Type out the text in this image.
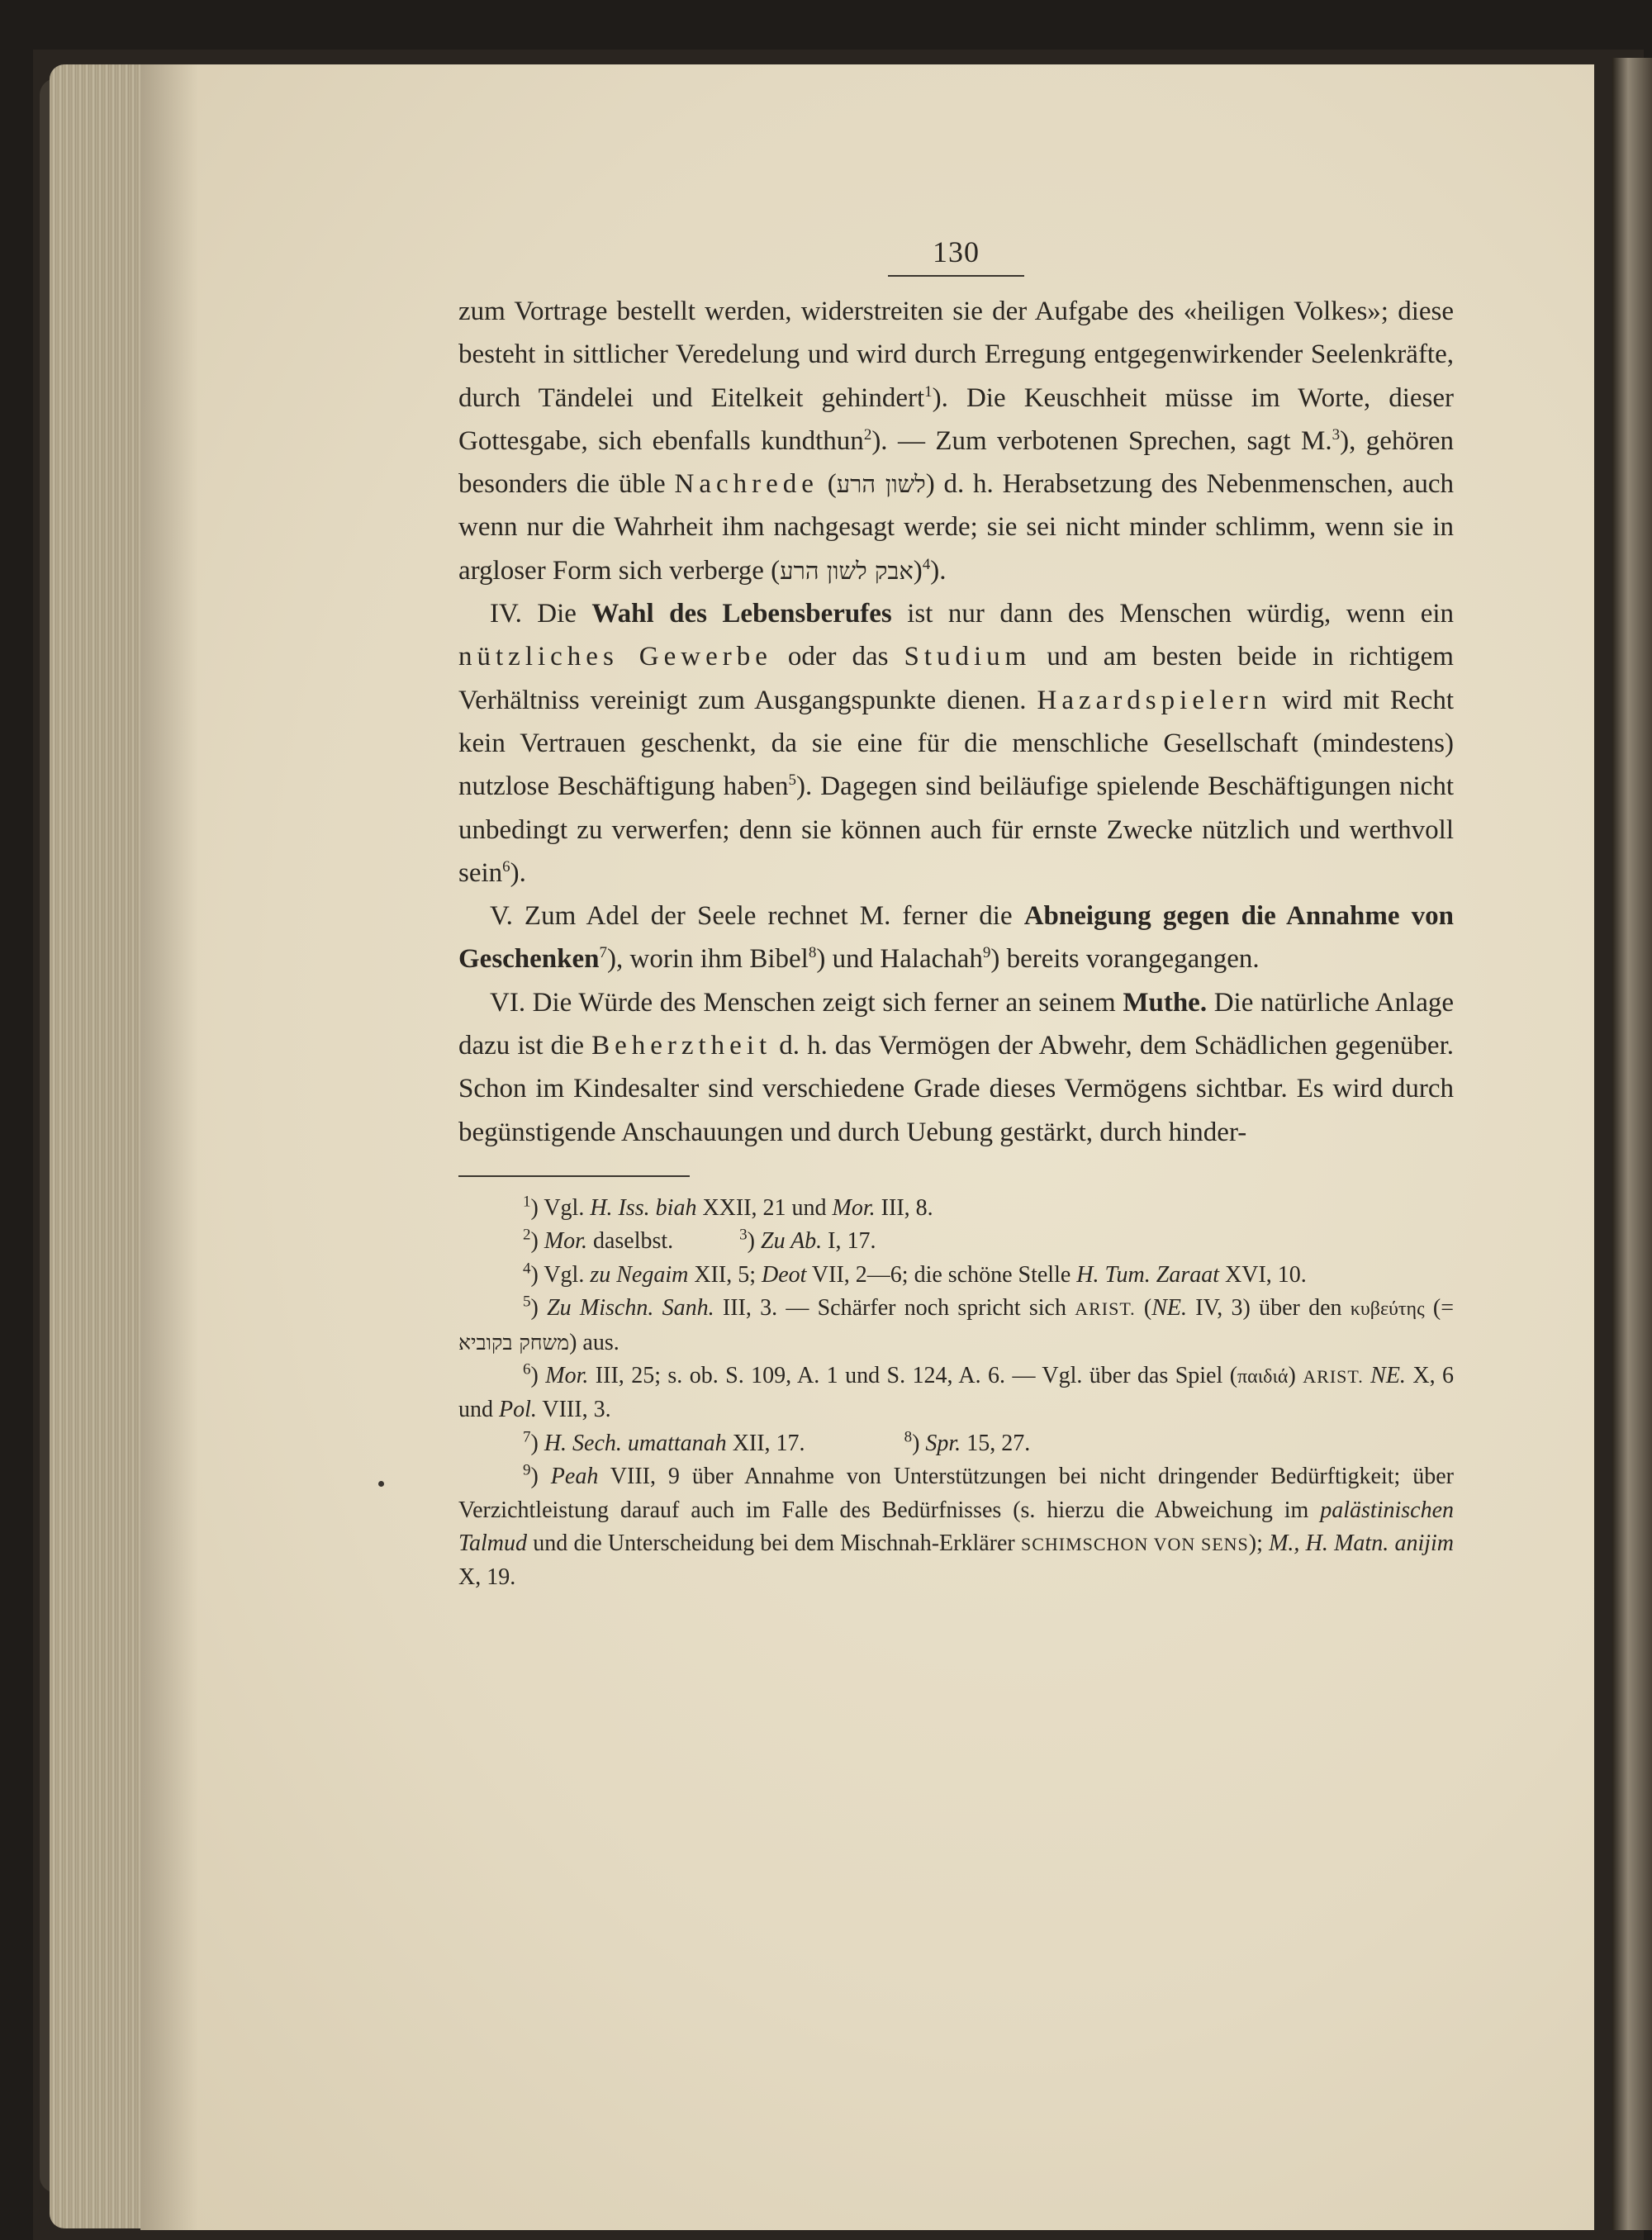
130

zum Vortrage bestellt werden, widerstreiten sie der Aufgabe des «heiligen Volkes»; diese besteht in sittlicher Veredelung und wird durch Erregung entgegenwirkender Seelenkräfte, durch Tändelei und Eitelkeit gehindert$^1$). Die Keuschheit müsse im Worte, dieser Gottesgabe, sich ebenfalls kundthun$^2$). — Zum verbotenen Sprechen, sagt M.$^3$), gehören besonders die üble Nachrede (לשון הרע) d. h. Herabsetzung des Nebenmenschen, auch wenn nur die Wahrheit ihm nachgesagt werde; sie sei nicht minder schlimm, wenn sie in argloser Form sich verberge (אבק לשון הרע)$^4$).

IV. Die Wahl des Lebensberufes ist nur dann des Menschen würdig, wenn ein nützliches Gewerbe oder das Studium und am besten beide in richtigem Verhältniss vereinigt zum Ausgangspunkte dienen. Hazardspielern wird mit Recht kein Vertrauen geschenkt, da sie eine für die menschliche Gesellschaft (mindestens) nutzlose Beschäftigung haben$^5$). Dagegen sind beiläufige spielende Beschäftigungen nicht unbedingt zu verwerfen; denn sie können auch für ernste Zwecke nützlich und werthvoll sein$^6$).

V. Zum Adel der Seele rechnet M. ferner die Abneigung gegen die Annahme von Geschenken$^7$), worin ihm Bibel$^8$) und Halachah$^9$) bereits vorangegangen.

VI. Die Würde des Menschen zeigt sich ferner an seinem Muthe. Die natürliche Anlage dazu ist die Beherztheit d. h. das Vermögen der Abwehr, dem Schädlichen gegenüber. Schon im Kindesalter sind verschiedene Grade dieses Vermögens sichtbar. Es wird durch begünstigende Anschauungen und durch Uebung gestärkt, durch hinder-

$^1$) Vgl. H. Iss. biah XXII, 21 und Mor. III, 8.

$^2$) Mor. daselbst.	$^3$) Zu Ab. I, 17.

$^4$) Vgl. zu Negaim XII, 5; Deot VII, 2—6; die schöne Stelle H. Tum. Zaraat XVI, 10.

$^5$) Zu Mischn. Sanh. III, 3. — Schärfer noch spricht sich ARIST. (NE. IV, 3) über den κυβεύτης (= משחק בקוביא) aus.

$^6$) Mor. III, 25; s. ob. S. 109, A. 1 und S. 124, A. 6. — Vgl. über das Spiel (παιδιά) ARIST. NE. X, 6 und Pol. VIII, 3.

$^7$) H. Sech. umattanah XII, 17.	$^8$) Spr. 15, 27.

$^9$) Peah VIII, 9 über Annahme von Unterstützungen bei nicht dringender Bedürftigkeit; über Verzichtleistung darauf auch im Falle des Bedürfnisses (s. hierzu die Abweichung im palästinischen Talmud und die Unterscheidung bei dem Mischnah-Erklärer SCHIMSCHON VON SENS); M., H. Matn. anijim X, 19.
